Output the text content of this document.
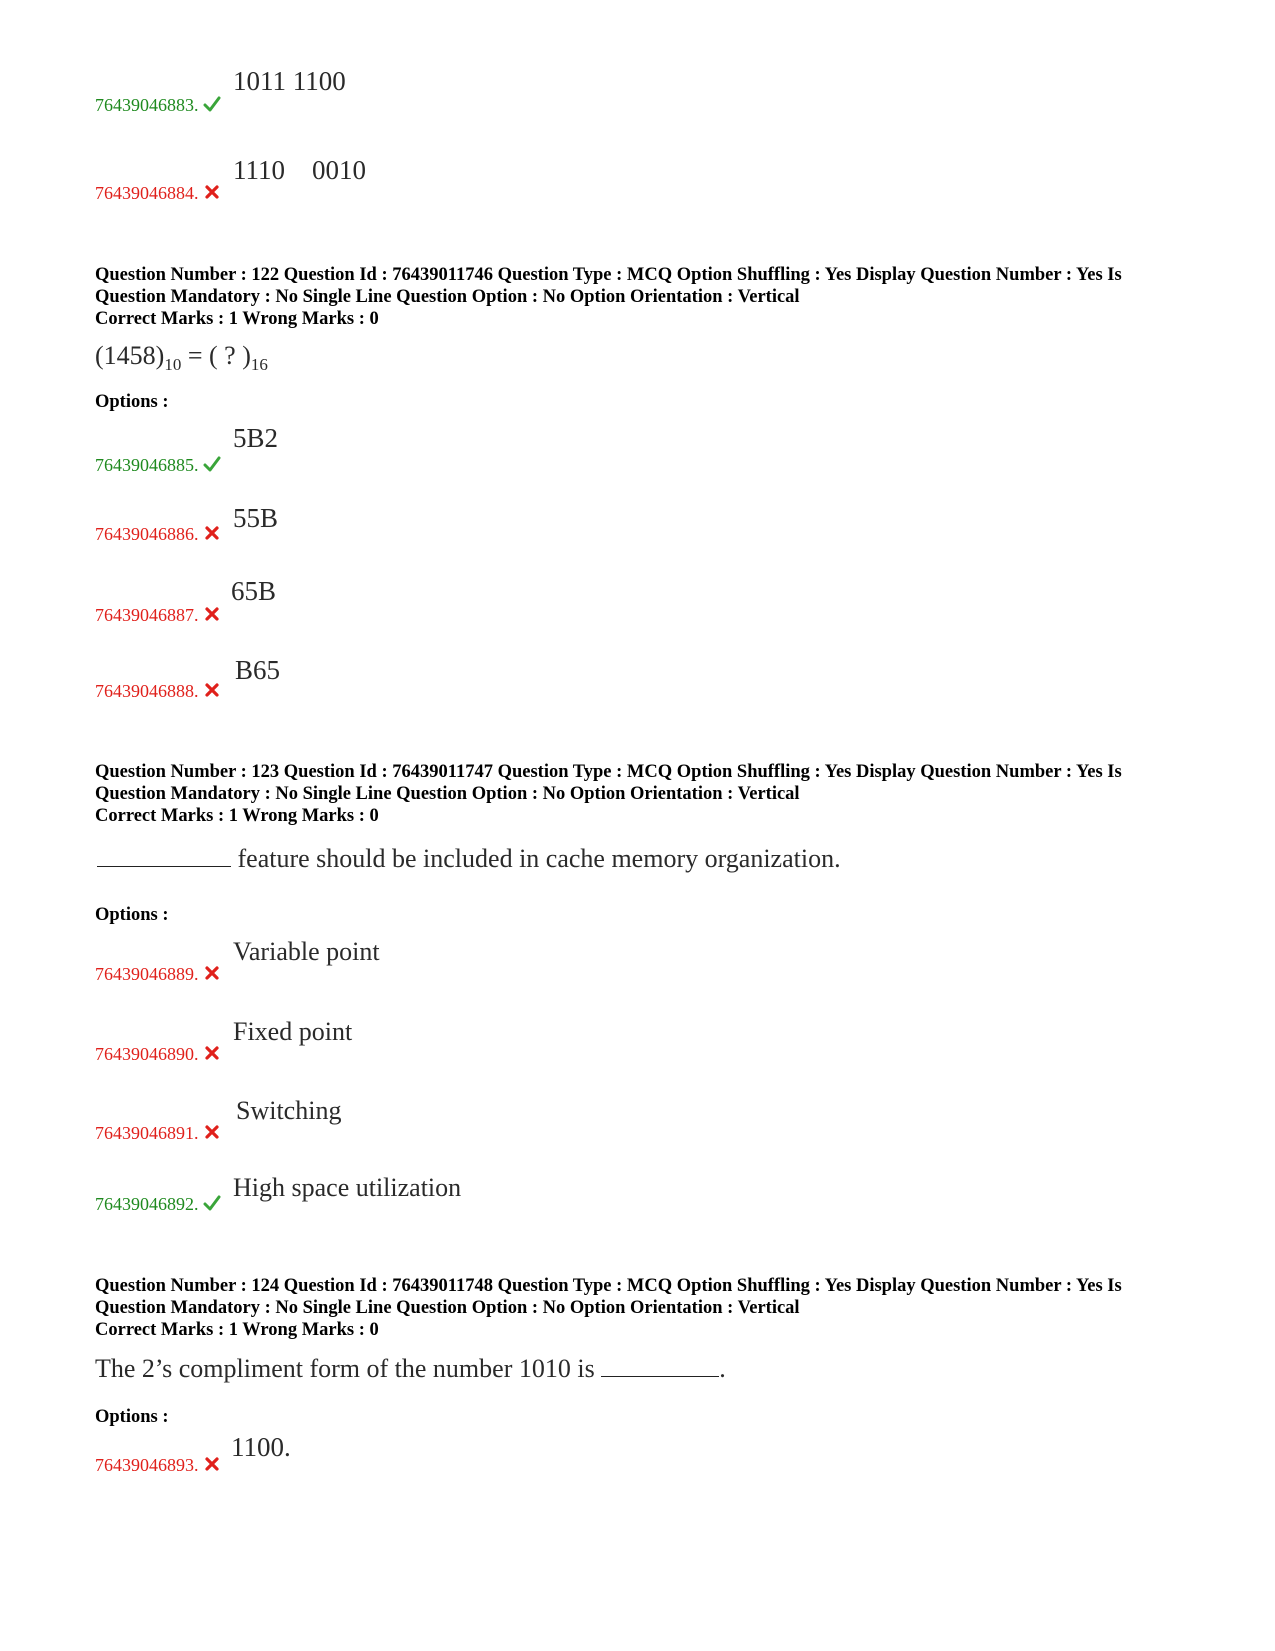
76439046883.
1011 1100
76439046884.
1110    0010
Question Number : 122 Question Id : 76439011746 Question Type : MCQ Option Shuffling : Yes Display Question Number : Yes Is Question Mandatory : No Single Line Question Option : No Option Orientation : Vertical
Correct Marks : 1 Wrong Marks : 0
$(1458)_{10}$ = ( ? )$_{16}$
Options :
76439046885.
5B2
76439046886.
55B
76439046887.
65B
76439046888.
B65
Question Number : 123 Question Id : 76439011747 Question Type : MCQ Option Shuffling : Yes Display Question Number : Yes Is Question Mandatory : No Single Line Question Option : No Option Orientation : Vertical
Correct Marks : 1 Wrong Marks : 0
feature should be included in cache memory organization.
Options :
76439046889.
Variable point
76439046890.
Fixed point
76439046891.
Switching
76439046892.
High space utilization
Question Number : 124 Question Id : 76439011748 Question Type : MCQ Option Shuffling : Yes Display Question Number : Yes Is Question Mandatory : No Single Line Question Option : No Option Orientation : Vertical
Correct Marks : 1 Wrong Marks : 0
The 2’s compliment form of the number 1010 is	.
Options :
76439046893.
1100.
